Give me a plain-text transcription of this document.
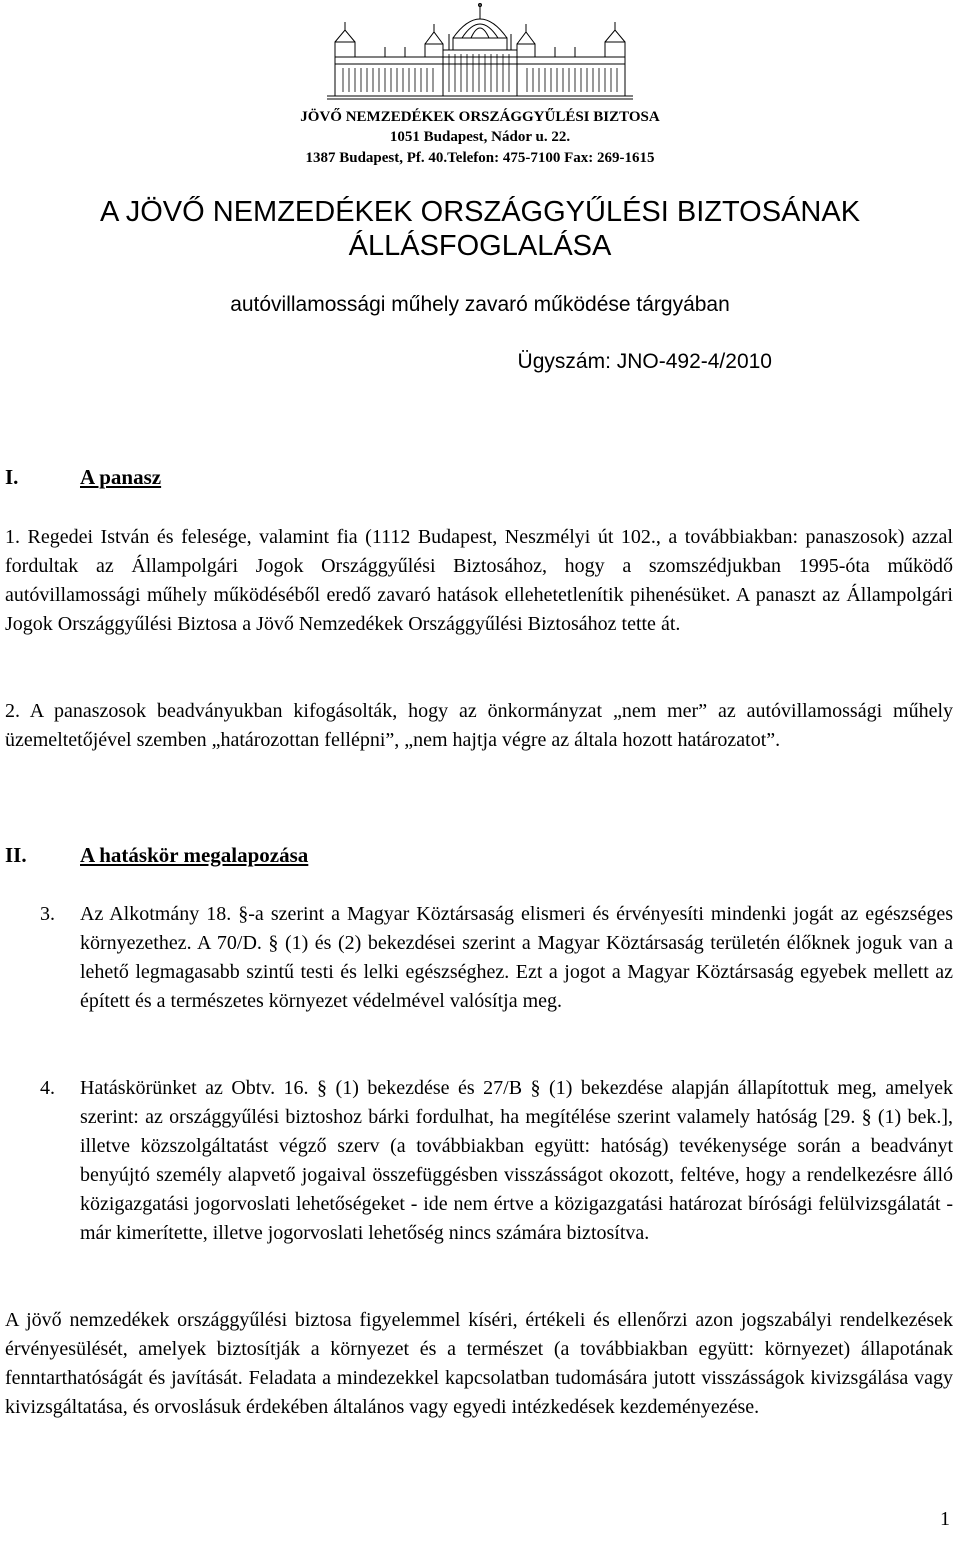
JÖVŐ NEMZEDÉKEK ORSZÁGGYŰLÉSI BIZTOSA
1051 Budapest, Nádor u. 22.
1387 Budapest, Pf. 40.Telefon: 475-7100 Fax: 269-1615
A JÖVŐ NEMZEDÉKEK ORSZÁGGYŰLÉSI BIZTOSÁNAK
ÁLLÁSFOGLALÁSA
autóvillamossági műhely zavaró működése tárgyában
Ügyszám: JNO-492-4/2010
I.	A panasz
1. Regedei István és felesége, valamint fia (1112 Budapest, Neszmélyi út 102., a továbbiakban: panaszosok) azzal fordultak az Állampolgári Jogok Országgyűlési Biztosához, hogy a szomszédjukban 1995-óta működő autóvillamossági műhely működéséből eredő zavaró hatások ellehetetlenítik pihenésüket. A panaszt az Állampolgári Jogok Országgyűlési Biztosa a Jövő Nemzedékek Országgyűlési Biztosához tette át.
2. A panaszosok beadványukban kifogásolták, hogy az önkormányzat „nem mer” az autóvillamossági műhely üzemeltetőjével szemben „határozottan fellépni”, „nem hajtja végre az általa hozott határozatot”.
II.	A hatáskör megalapozása
3. Az Alkotmány 18. §-a szerint a Magyar Köztársaság elismeri és érvényesíti mindenki jogát az egészséges környezethez. A 70/D. § (1) és (2) bekezdései szerint a Magyar Köztársaság területén élőknek joguk van a lehető legmagasabb szintű testi és lelki egészséghez. Ezt a jogot a Magyar Köztársaság egyebek mellett az épített és a természetes környezet védelmével valósítja meg.
4. Hatáskörünket az Obtv. 16. § (1) bekezdése és 27/B § (1) bekezdése alapján állapítottuk meg, amelyek szerint: az országgyűlési biztoshoz bárki fordulhat, ha megítélése szerint valamely hatóság [29. § (1) bek.], illetve közszolgáltatást végző szerv (a továbbiakban együtt: hatóság) tevékenysége során a beadványt benyújtó személy alapvető jogaival összefüggésben visszásságot okozott, feltéve, hogy a rendelkezésre álló közigazgatási jogorvoslati lehetőségeket - ide nem értve a közigazgatási határozat bírósági felülvizsgálatát - már kimerítette, illetve jogorvoslati lehetőség nincs számára biztosítva.
A jövő nemzedékek országgyűlési biztosa figyelemmel kíséri, értékeli és ellenőrzi azon jogszabályi rendelkezések érvényesülését, amelyek biztosítják a környezet és a természet (a továbbiakban együtt: környezet) állapotának fenntarthatóságát és javítását. Feladata a mindezekkel kapcsolatban tudomására jutott visszásságok kivizsgálása vagy kivizsgáltatása, és orvoslásuk érdekében általános vagy egyedi intézkedések kezdeményezése.
1
